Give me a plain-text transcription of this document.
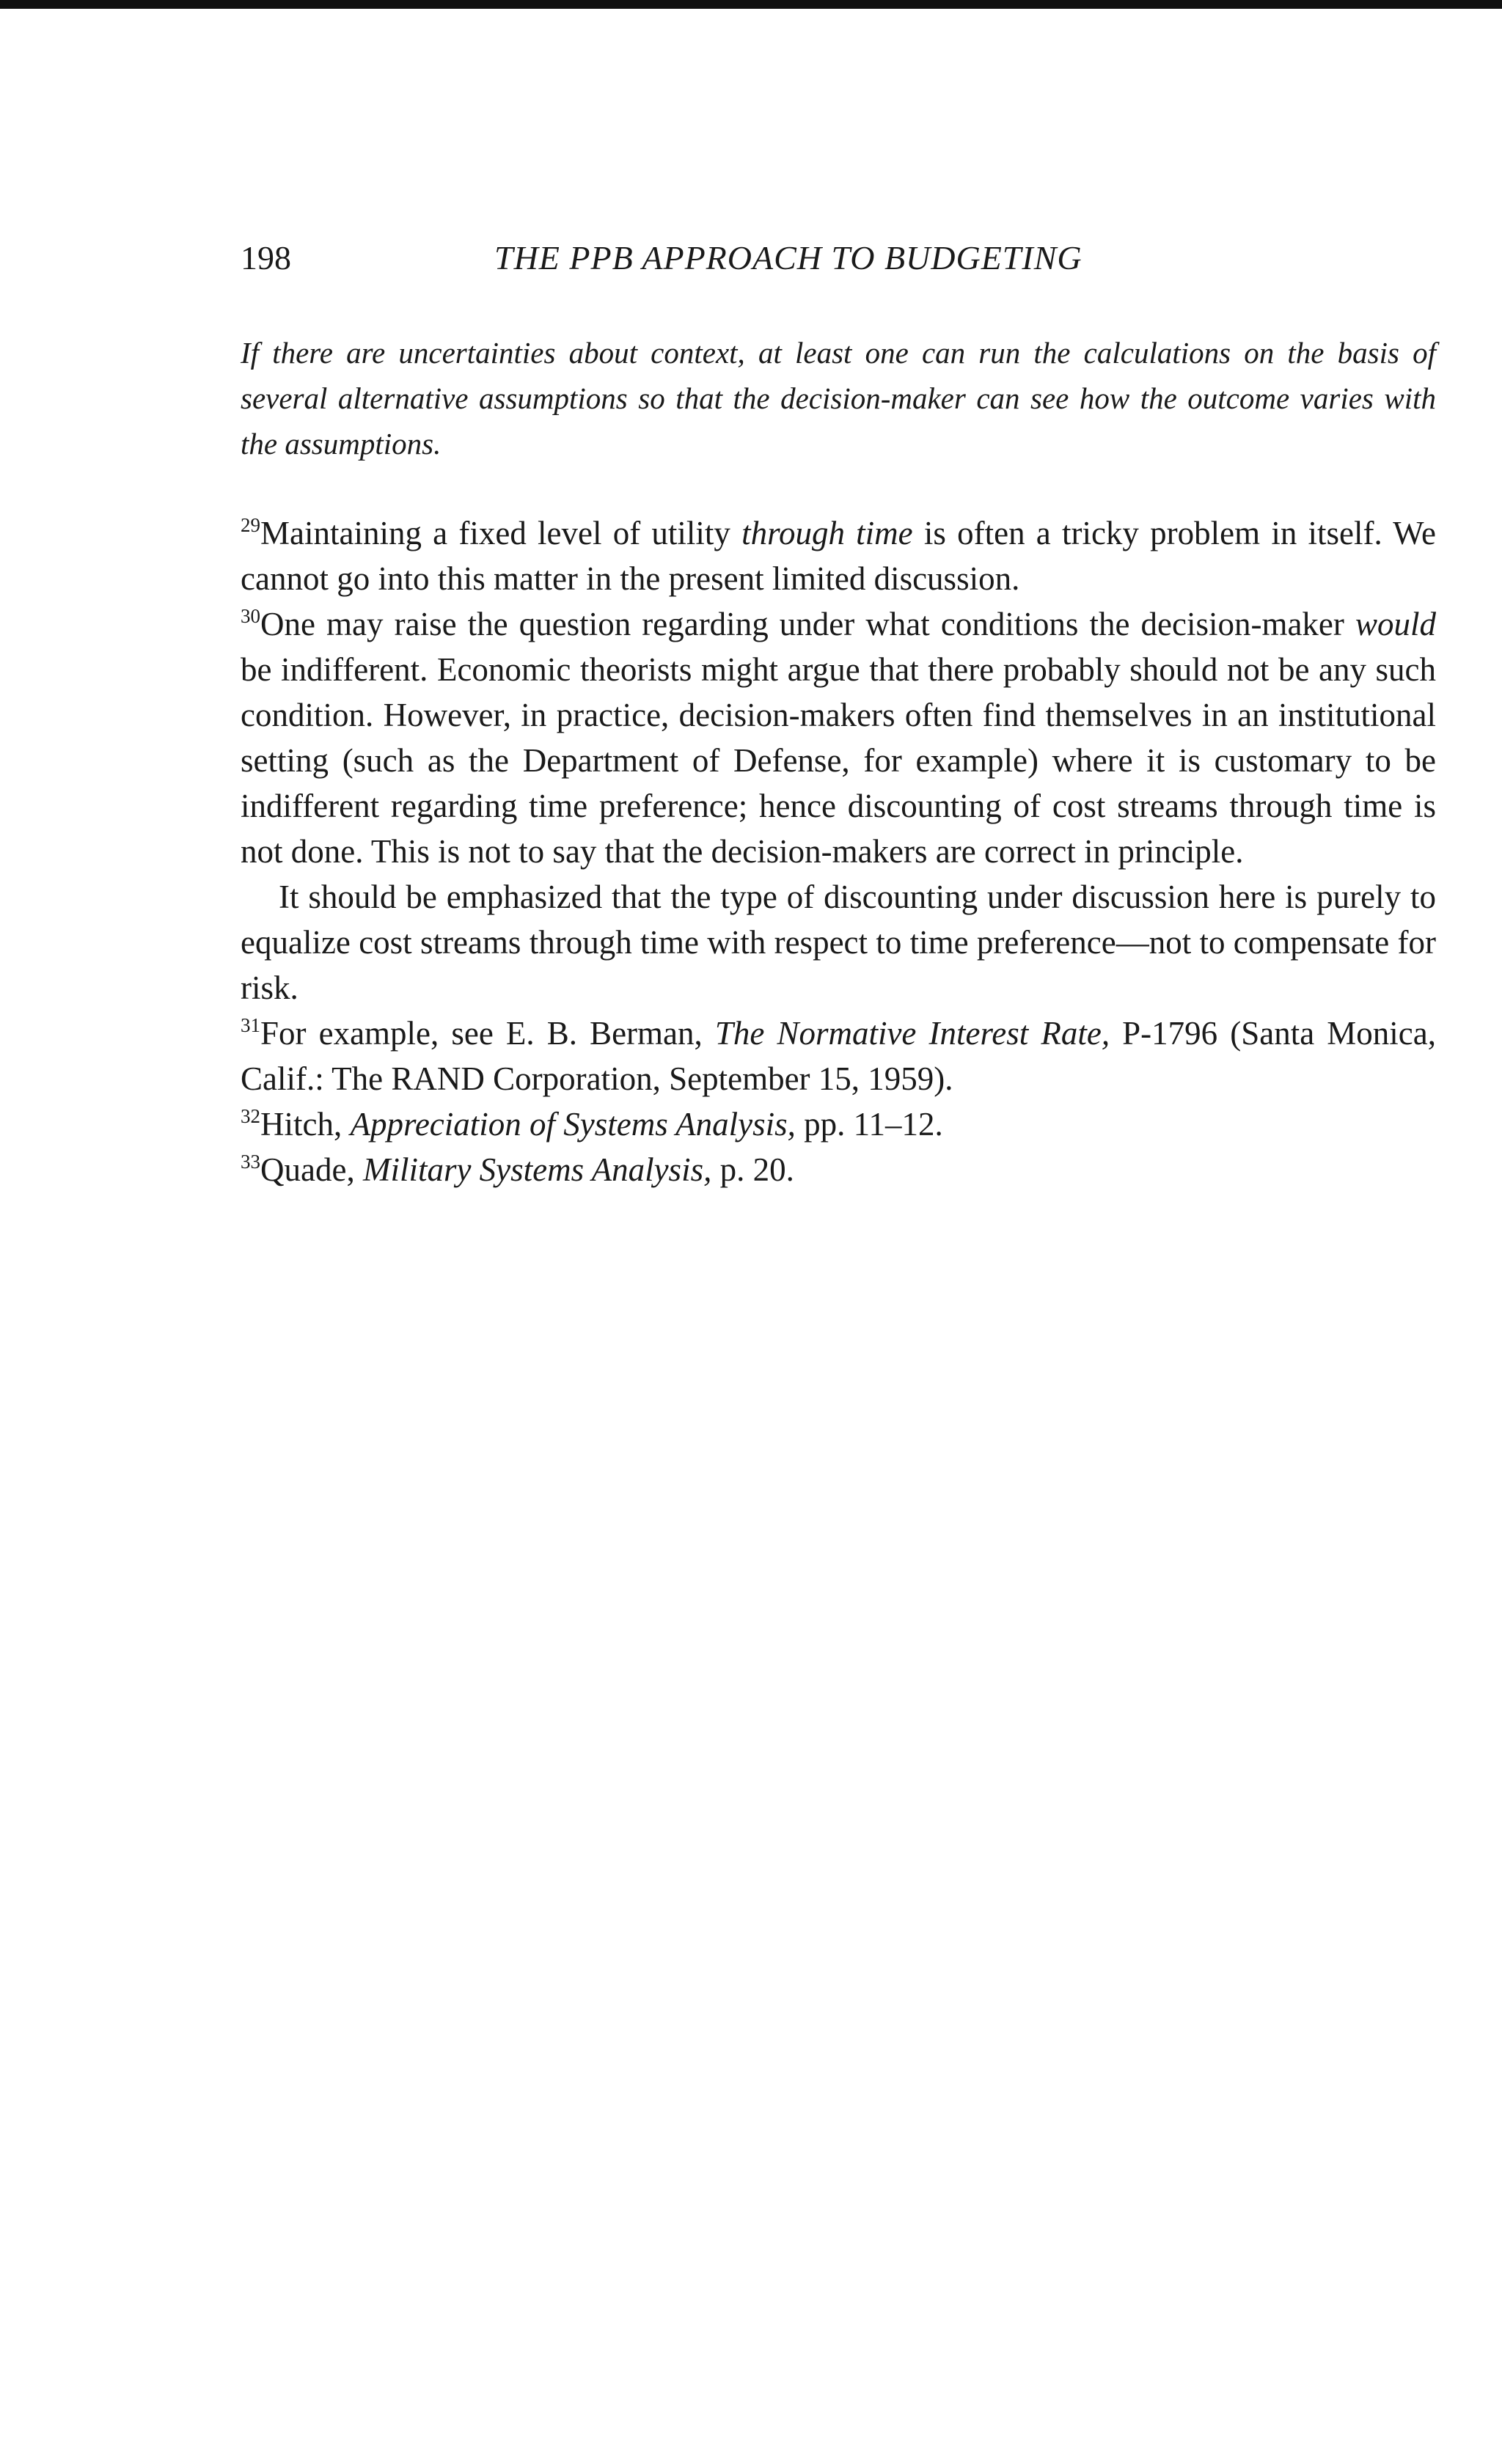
198	THE PPB APPROACH TO BUDGETING

If there are uncertainties about context, at least one can run the calculations on the basis of several alternative assumptions so that the decision-maker can see how the outcome varies with the assumptions.

$^{29}$Maintaining a fixed level of utility through time is often a tricky problem in itself. We cannot go into this matter in the present limited discussion.

$^{30}$One may raise the question regarding under what conditions the decision-maker would be indifferent. Economic theorists might argue that there probably should not be any such condition. However, in practice, decision-makers often find themselves in an institutional setting (such as the Department of Defense, for example) where it is customary to be indifferent regarding time preference; hence discounting of cost streams through time is not done. This is not to say that the decision-makers are correct in principle.

It should be emphasized that the type of discounting under discussion here is purely to equalize cost streams through time with respect to time preference—not to compensate for risk.

$^{31}$For example, see E. B. Berman, The Normative Interest Rate, P-1796 (Santa Monica, Calif.: The RAND Corporation, September 15, 1959).

$^{32}$Hitch, Appreciation of Systems Analysis, pp. 11–12.

$^{33}$Quade, Military Systems Analysis, p. 20.
